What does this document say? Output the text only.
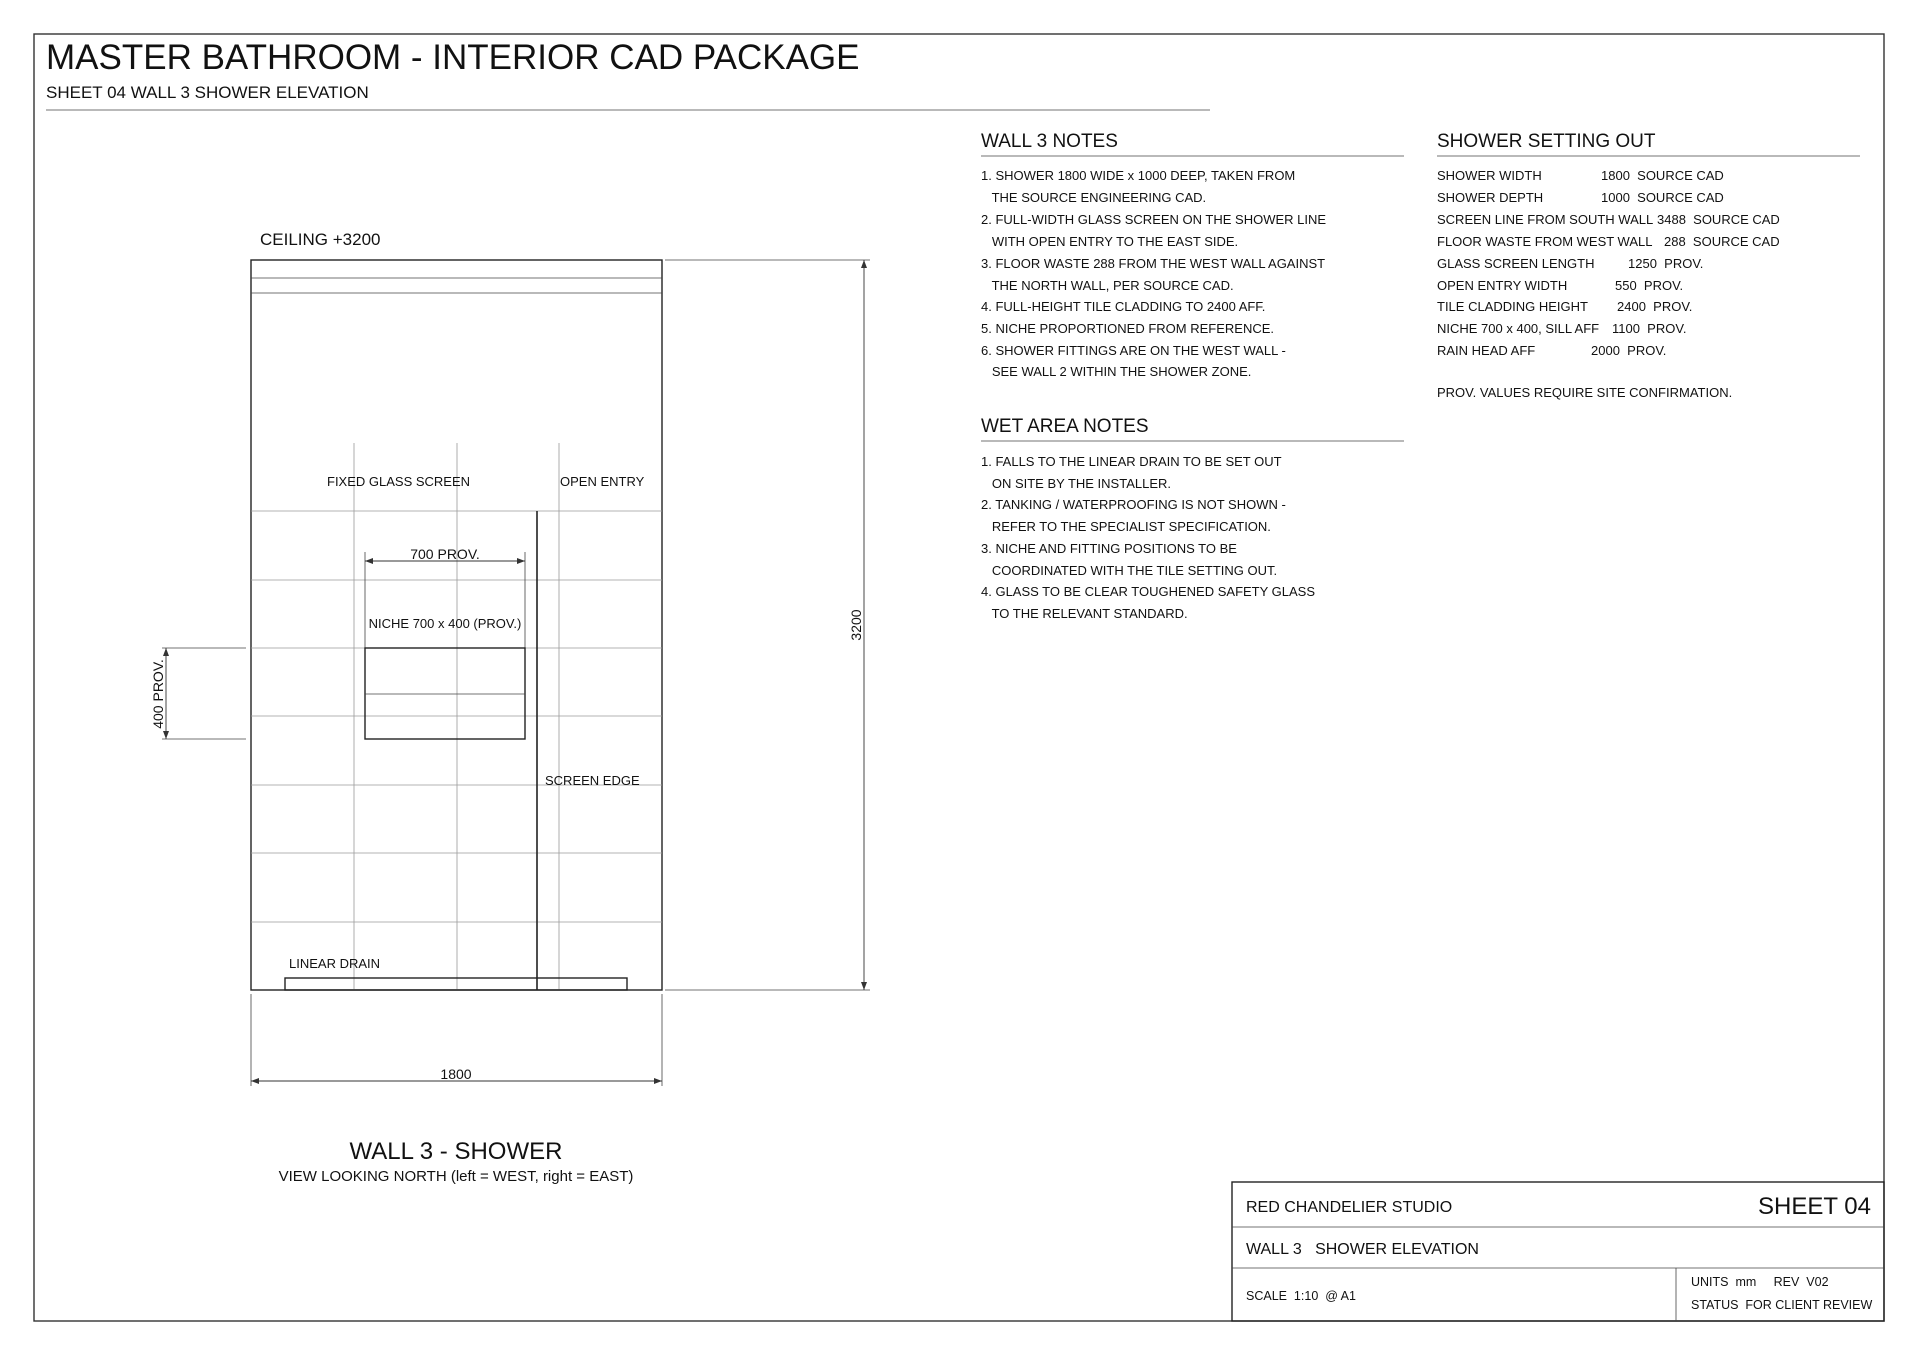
MASTER BATHROOM - INTERIOR CAD PACKAGE
SHEET 04 WALL 3 SHOWER ELEVATION
CEILING +3200
FIXED GLASS SCREEN	OPEN ENTRY
700 PROV.
NICHE 700 x 400 (PROV.)
400 PROV.
SCREEN EDGE
LINEAR DRAIN
3200
1800
WALL 3 - SHOWER
VIEW LOOKING NORTH (left = WEST, right = EAST)
WALL 3 NOTES
1. SHOWER 1800 WIDE x 1000 DEEP, TAKEN FROM
THE SOURCE ENGINEERING CAD.
2. FULL-WIDTH GLASS SCREEN ON THE SHOWER LINE
WITH OPEN ENTRY TO THE EAST SIDE.
3. FLOOR WASTE 288 FROM THE WEST WALL AGAINST
THE NORTH WALL, PER SOURCE CAD.
4. FULL-HEIGHT TILE CLADDING TO 2400 AFF.
5. NICHE PROPORTIONED FROM REFERENCE.
6. SHOWER FITTINGS ARE ON THE WEST WALL -
SEE WALL 2 WITHIN THE SHOWER ZONE.
WET AREA NOTES
1. FALLS TO THE LINEAR DRAIN TO BE SET OUT
ON SITE BY THE INSTALLER.
2. TANKING / WATERPROOFING IS NOT SHOWN -
REFER TO THE SPECIALIST SPECIFICATION.
3. NICHE AND FITTING POSITIONS TO BE
COORDINATED WITH THE TILE SETTING OUT.
4. GLASS TO BE CLEAR TOUGHENED SAFETY GLASS
TO THE RELEVANT STANDARD.
SHOWER SETTING OUT
SHOWER WIDTH	1800  SOURCE CAD
SHOWER DEPTH	1000  SOURCE CAD
SCREEN LINE FROM SOUTH WALL 3488  SOURCE CAD
FLOOR WASTE FROM WEST WALL 288  SOURCE CAD
GLASS SCREEN LENGTH	1250  PROV.
OPEN ENTRY WIDTH	550  PROV.
TILE CLADDING HEIGHT 2400  PROV.
NICHE 700 x 400, SILL AFF 1100  PROV.
RAIN HEAD AFF	2000  PROV.
PROV. VALUES REQUIRE SITE CONFIRMATION.
RED CHANDELIER STUDIO	SHEET 04
WALL 3   SHOWER ELEVATION
SCALE  1:10  @ A1
UNITS  mm     REV  V02
STATUS  FOR CLIENT REVIEW
